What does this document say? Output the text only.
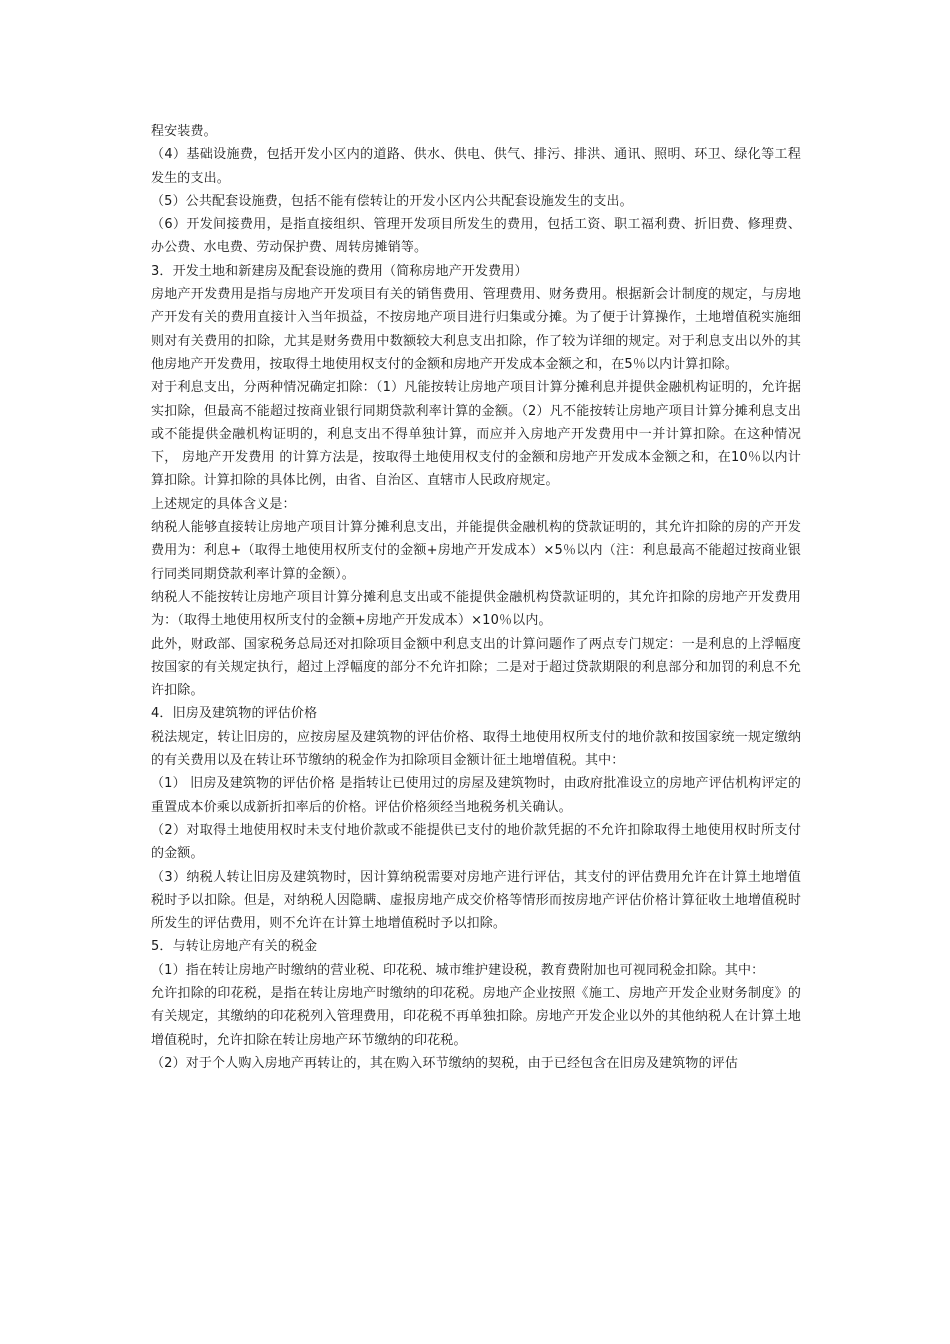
程安装费。

（4）基础设施费，包括开发小区内的道路、供水、供电、供气、排污、排洪、通讯、照明、环卫、绿化等工程发生的支出。

（5）公共配套设施费，包括不能有偿转让的开发小区内公共配套设施发生的支出。

（6）开发间接费用，是指直接组织、管理开发项目所发生的费用，包括工资、职工福利费、折旧费、修理费、办公费、水电费、劳动保护费、周转房摊销等。

3．开发土地和新建房及配套设施的费用（简称房地产开发费用）

房地产开发费用是指与房地产开发项目有关的销售费用、管理费用、财务费用。根据新会计制度的规定，与房地产开发有关的费用直接计入当年损益，不按房地产项目进行归集或分摊。为了便于计算操作，土地增值税实施细则对有关费用的扣除，尤其是财务费用中数额较大利息支出扣除，作了较为详细的规定。对于利息支出以外的其他房地产开发费用，按取得土地使用权支付的金额和房地产开发成本金额之和，在5％以内计算扣除。

对于利息支出，分两种情况确定扣除：（1）凡能按转让房地产项目计算分摊利息并提供金融机构证明的，允许据实扣除，但最高不能超过按商业银行同期贷款利率计算的金额。（2）凡不能按转让房地产项目计算分摊利息支出或不能提供金融机构证明的，利息支出不得单独计算，而应并入房地产开发费用中一并计算扣除。在这种情况下， 房地产开发费用 的计算方法是，按取得土地使用权支付的金额和房地产开发成本金额之和，在10％以内计算扣除。计算扣除的具体比例，由省、自治区、直辖市人民政府规定。

上述规定的具体含义是：

纳税人能够直接转让房地产项目计算分摊利息支出，并能提供金融机构的贷款证明的，其允许扣除的房的产开发费用为：利息+（取得土地使用权所支付的金额+房地产开发成本）×5％以内（注：利息最高不能超过按商业银行同类同期贷款利率计算的金额）。

纳税人不能按转让房地产项目计算分摊利息支出或不能提供金融机构贷款证明的，其允许扣除的房地产开发费用为：（取得土地使用权所支付的金额+房地产开发成本）×10％以内。

此外，财政部、国家税务总局还对扣除项目金额中利息支出的计算问题作了两点专门规定：一是利息的上浮幅度按国家的有关规定执行，超过上浮幅度的部分不允许扣除；二是对于超过贷款期限的利息部分和加罚的利息不允许扣除。

4．旧房及建筑物的评估价格

税法规定，转让旧房的，应按房屋及建筑物的评估价格、取得土地使用权所支付的地价款和按国家统一规定缴纳的有关费用以及在转让环节缴纳的税金作为扣除项目金额计征土地增值税。其中：

（1） 旧房及建筑物的评估价格 是指转让已使用过的房屋及建筑物时，由政府批准设立的房地产评估机构评定的重置成本价乘以成新折扣率后的价格。评估价格须经当地税务机关确认。

（2）对取得土地使用权时未支付地价款或不能提供已支付的地价款凭据的不允许扣除取得土地使用权时所支付的金额。

（3）纳税人转让旧房及建筑物时，因计算纳税需要对房地产进行评估，其支付的评估费用允许在计算土地增值税时予以扣除。但是，对纳税人因隐瞒、虚报房地产成交价格等情形而按房地产评估价格计算征收土地增值税时所发生的评估费用，则不允许在计算土地增值税时予以扣除。

5．与转让房地产有关的税金

（1）指在转让房地产时缴纳的营业税、印花税、城市维护建设税，教育费附加也可视同税金扣除。其中：

允许扣除的印花税，是指在转让房地产时缴纳的印花税。房地产企业按照《施工、房地产开发企业财务制度》的有关规定，其缴纳的印花税列入管理费用，印花税不再单独扣除。房地产开发企业以外的其他纳税人在计算土地增值税时，允许扣除在转让房地产环节缴纳的印花税。

（2）对于个人购入房地产再转让的，其在购入环节缴纳的契税，由于已经包含在旧房及建筑物的评估
